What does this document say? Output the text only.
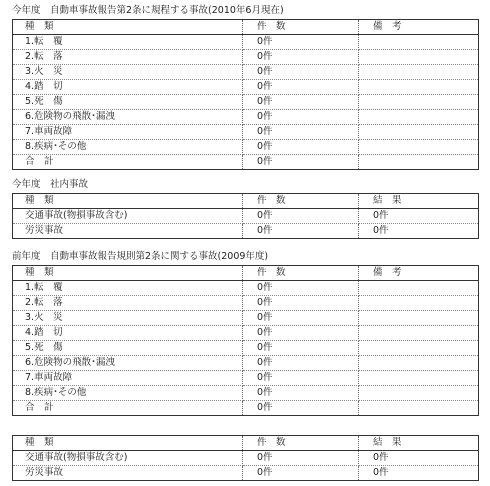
今年度　自動車事故報告第2条に規程する事故(2010年6月現在)
種　類	件　数	備　考
1.転　覆	0件	
2.転　落	0件	
3.火　災	0件	
4.踏　切	0件	
5.死　傷	0件	
6.危険物の飛散･漏洩	0件	
7.車両故障	0件	
8.疾病･その他	0件	
合　計	0件	
今年度　社内事故
種　類	件　数	結　果
交通事故(物損事故含む)	0件	0件
労災事故	0件	0件
前年度　自動車事故報告規則第2条に関する事故(2009年度)
種　類	件　数	備　考
1.転　覆	0件	
2.転　落	0件	
3.火　災	0件	
4.踏　切	0件	
5.死　傷	0件	
6.危険物の飛散･漏洩	0件	
7.車両故障	0件	
8.疾病･その他	0件	
合　計	0件	
種　類	件　数	結　果
交通事故(物損事故含む)	0件	0件
労災事故	0件	0件
